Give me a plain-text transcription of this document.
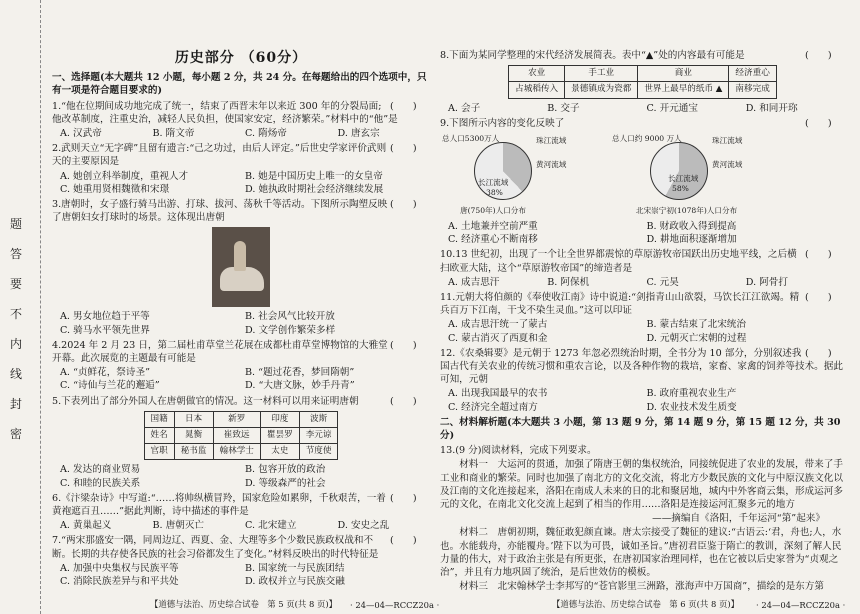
题
答
要
不
内
线
封
密
历史部分 （60分）
一、选择题(本大题共 12 小题，每小题 2 分，共 24 分。在每题给出的四个选项中，只有一项是符合题目要求的)
(　　)
1.“他在位期间成功地完成了统一，结束了西晋末年以来近 300 年的分裂局面;他改革制度，注重史治，减轻人民负担，使国家安定，经济繁荣。”材料中的“他”是
A. 汉武帝	B. 隋文帝	C. 隋炀帝	D. 唐玄宗
(　　)
2.武则天立“无字碑”且留有遗言:“己之功过，由后人评定。”后世史学家评价武则天的主要原因是
A. 她创立科举制度，重视人才	B. 她是中国历史上唯一的女皇帝
C. 她重用贤相魏徵和宋璟	D. 她执政时期社会经济继续发展
(　　)
3.唐朝时，女子盛行骑马出游、打球、拔河、荡秋千等活动。下图所示陶塑反映了唐朝妇女打球时的场景。这体现出唐朝
A. 男女地位趋于平等	B. 社会风气比较开放
C. 骑马水平领先世界	D. 文学创作繁荣多样
(　　)
4.2024 年 2 月 23 日，第二届杜甫草堂兰花展在成都杜甫草堂博物馆的大雅堂开幕。此次展览的主题最有可能是
A. “贞鲜花，祭诗圣”	B. “题过花香，梦回隋朝”
C. “诗仙与兰花的邂逅”	D. “大唐文脉，妙手丹青”
(　　)
5.下表列出了部分外国人在唐朝做官的情况。这一材料可以用来证明唐朝
国籍	日本	新罗	印度	波斯
姓名	晁衡	崔致远	瞿昙罗	李元谅
官职	秘书监	翰林学士	太史	节度使
A. 发达的商业贸易	B. 包容开放的政治
C. 和睦的民族关系	D. 等级森严的社会
(　　)
6.《汴梁杂诗》中写道:“……将帅纵横冒羚，国家危险如累卵，千秋艰苦，一着黄袍遮百丑……”据此判断，诗中描述的事件是
A. 黄巢起义	B. 唐朝灭亡	C. 北宋建立	D. 安史之乱
(　　)
7.“两宋那盛安一隅，同周边辽、西夏、金、大理等多个少数民族政权战和不断。长期的共存使各民族的社会习俗都发生了变化。”材料反映出的时代特征是
A. 加强中央集权与民族平等	B. 国家统一与民族团结
C. 消除民族差异与和平共处	D. 政权并立与民族交融
【道德与法治、历史综合试卷　第 5 页(共 8 页)】 · 24—04—RCCZ20a ·
(　　)
8.下面为某同学整理的宋代经济发展简表。表中“▲”处的内容最有可能是
农业	手工业	商业	经济重心
占城稻传入	景德镇成为瓷都	世界上最早的纸币 ▲	南移完成
A. 会子	B. 交子	C. 开元通宝	D. 和同开珎
(　　)
9.下图所示内容的变化反映了
总人口5300万人	珠江流域
黄河流域
长江流域
38%
唐(750年)人口分布
总人口约 9000 万人	珠江流域
黄河流域
长江流域
58%
北宋崇宁初(1078年)人口分布
A. 土地兼并空前严重	B. 财政收入得到提高
C. 经济重心不断南移	D. 耕地面积逐渐增加
(　　)
10.13 世纪初，出现了一个让全世界都震惊的草原游牧帝国跃出历史地平线，之后横扫欧亚大陆，这个“草原游牧帝国”的缔造者是
A. 成吉思汗	B. 阿保机	C. 元昊	D. 阿骨打
(　　)
11.元朝大将伯颜的《奉使收江南》诗中说道:“剑指青山山欲裂，马饮长江江欲竭。精兵百万下江南，干戈不染生灵血。”这可以印证
A. 成吉思汗统一了蒙古	B. 蒙古结束了北宋统治
C. 蒙古消灭了西夏和金	D. 元朝灭亡宋朝的过程
(　　)
12.《农桑辑要》是元朝于 1273 年忽必烈统治时期，全书分为 10 部分，分别叙述我国古代有关农业的传统习惯和重农言论，以及各种作物的栽培，家畜、家禽的饲养等技术。据此可知，元朝
A. 出现我国最早的农书	B. 政府重视农业生产
C. 经济完全超过南方	D. 农业技术发生质变
二、材料解析题(本大题共 3 小题，第 13 题 9 分，第 14 题 9 分，第 15 题 12 分，共 30 分)
13.(9 分)阅读材料，完成下列要求。
材料一　大运河的贯通，加强了隋唐王朝的集权统治，同接统促进了农业的发展，带来了手工业和商业的繁荣。同时也加强了南北方的文化交流，将北方少数民族的文化与中原汉族文化以及江南的文化连接起来，洛阳在南成人未来的日的北和聚居地，城内中外客商云集，形成运河多元的文化，在南北文化交流上起到了相当的作用……洛阳是连接运河汇聚多元的地方
——摘编自《洛阳，千年运河“第”起来》
材料二　唐朝初期，魏征敢犯颜直谏。唐太宗接受了魏征的建议:“古语云:‘君，舟也;人，水也。水能载舟，亦能覆舟。’陛下以为可畏，诚如圣旨。”唐初君臣鉴于隋亡的教训，深刻了解人民力量的伟大，对于政治主张是有所更张，在唐初国家治理同样，也在它被以后史家誉为“贞观之治”，并且有力地巩固了统治，是后世效仿的模板。
材料三　北宋翰林学士李邦写的“苍官影里三洲路，涨海声中万国商”，描绘的是东方第
【道德与法治、历史综合试卷　第 6 页(共 8 页)】 · 24—04—RCCZ20a ·
